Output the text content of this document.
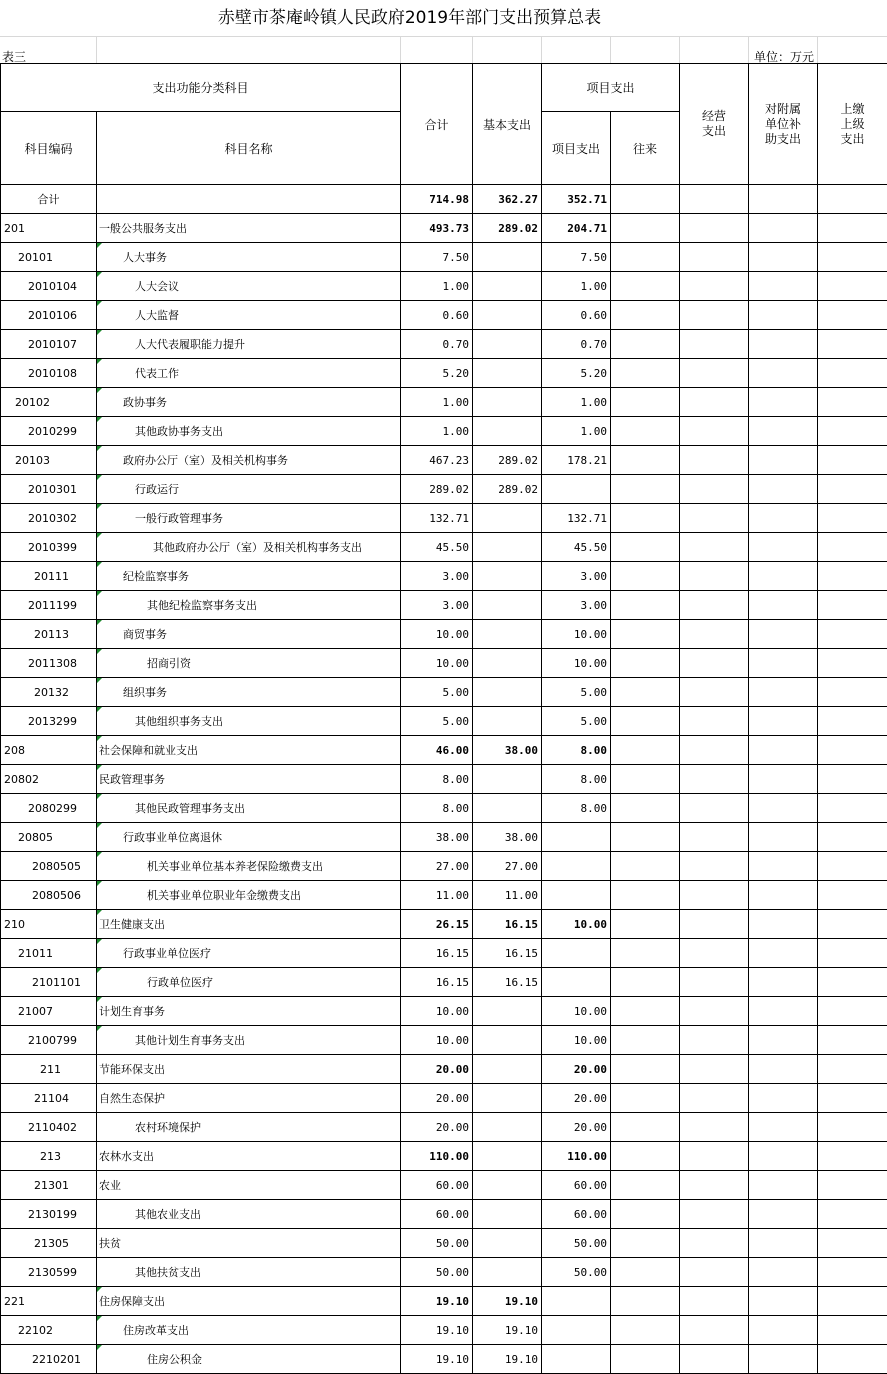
赤壁市茶庵岭镇人民政府2019年部门支出预算总表
表三	单位：万元
支出功能分类科目		合计	基本支出	项目支出		经营支出	对附属单位补助支出	上缴上级支出

科目编码	科目名称			项目支出	往来			
合计		714.98	362.27	352.71				
201	一般公共服务支出	493.73	289.02	204.71				
20101	人大事务	7.50		7.50				
2010104	人大会议	1.00		1.00				
2010106	人大监督	0.60		0.60				
2010107	人大代表履职能力提升	0.70		0.70				
2010108	代表工作	5.20		5.20				
20102	政协事务	1.00		1.00				
2010299	其他政协事务支出	1.00		1.00				
20103	政府办公厅（室）及相关机构事务	467.23	289.02	178.21				
2010301	行政运行	289.02	289.02					
2010302	一般行政管理事务	132.71		132.71				
2010399	其他政府办公厅（室）及相关机构事务支出	45.50		45.50				
20111	纪检监察事务	3.00		3.00				
2011199	其他纪检监察事务支出	3.00		3.00				
20113	商贸事务	10.00		10.00				
2011308	招商引资	10.00		10.00				
20132	组织事务	5.00		5.00				
2013299	其他组织事务支出	5.00		5.00				
208	社会保障和就业支出	46.00	38.00	8.00				
20802	民政管理事务	8.00		8.00				
2080299	其他民政管理事务支出	8.00		8.00				
20805	行政事业单位离退休	38.00	38.00					
2080505	机关事业单位基本养老保险缴费支出	27.00	27.00					
2080506	机关事业单位职业年金缴费支出	11.00	11.00					
210	卫生健康支出	26.15	16.15	10.00				
21011	行政事业单位医疗	16.15	16.15					
2101101	行政单位医疗	16.15	16.15					
21007	计划生育事务	10.00		10.00				
2100799	其他计划生育事务支出	10.00		10.00				
211	节能环保支出	20.00		20.00				
21104	自然生态保护	20.00		20.00				
2110402	农村环境保护	20.00		20.00				
213	农林水支出	110.00		110.00				
21301	农业	60.00		60.00				
2130199	其他农业支出	60.00		60.00				
21305	扶贫	50.00		50.00				
2130599	其他扶贫支出	50.00		50.00				
221	住房保障支出	19.10	19.10					
22102	住房改革支出	19.10	19.10					
2210201	住房公积金	19.10	19.10					
